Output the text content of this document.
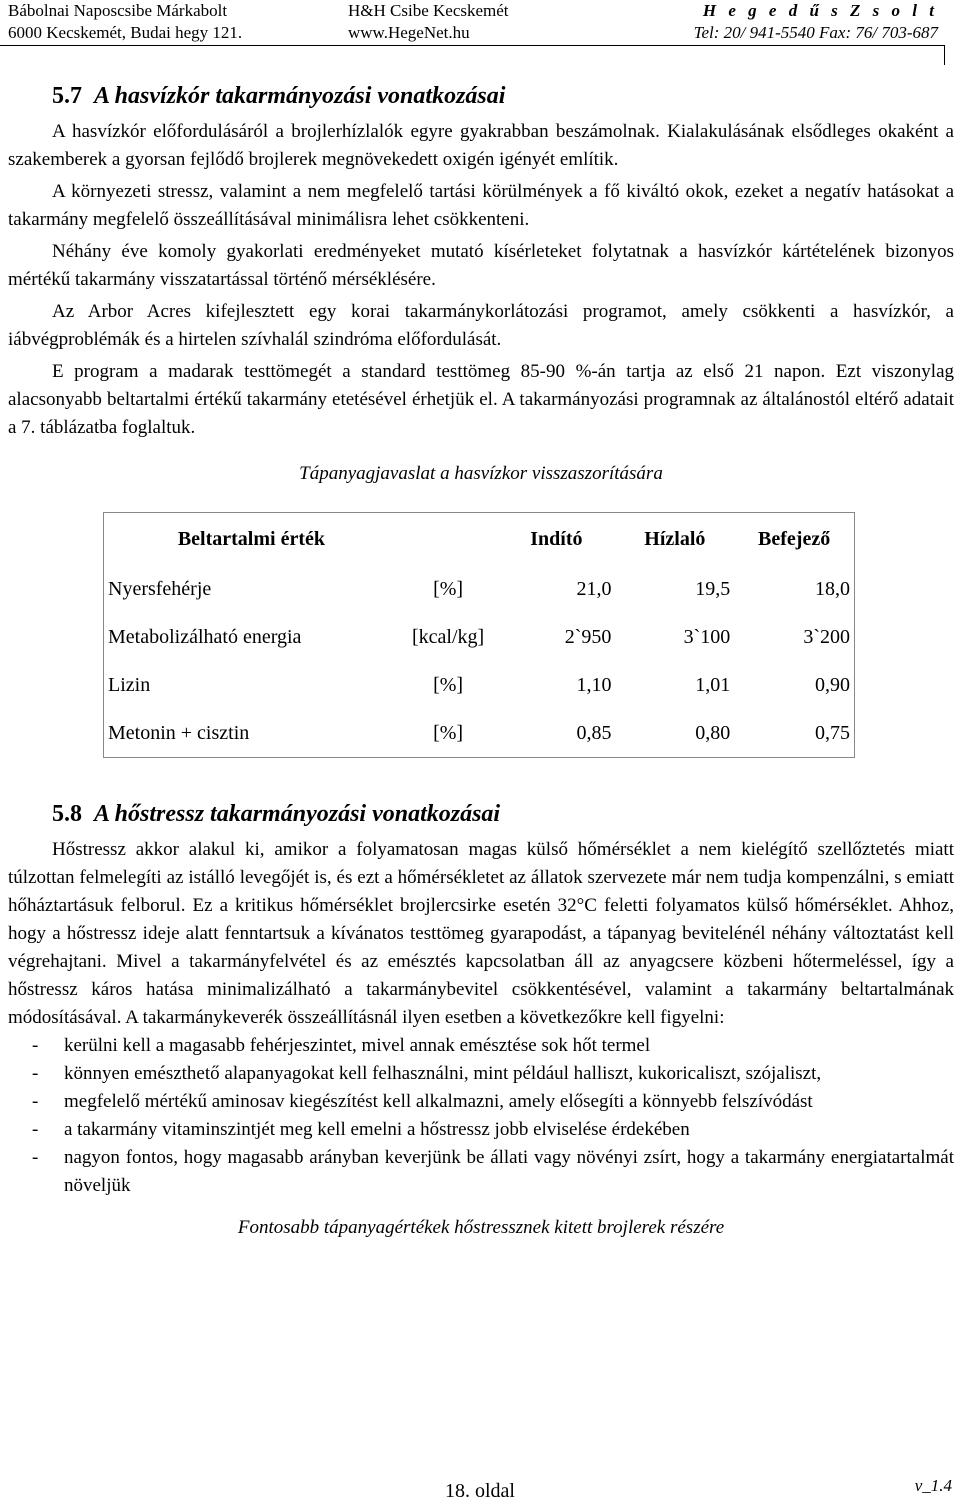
Bábolnai Naposcsibe Márkabolt
6000 Kecskemét, Budai hegy 121.
H&H Csibe Kecskemét
www.HegeNet.hu
H e g e d ű s Z s o l t
Tel: 20/ 941-5540 Fax: 76/ 703-687
5.7 A hasvízkór takarmányozási vonatkozásai

A hasvízkór előfordulásáról a brojlerhízlalók egyre gyakrabban beszámolnak. Kialakulásának elsődleges okaként a szakemberek a gyorsan fejlődő brojlerek megnövekedett oxigén igényét említik.

A környezeti stressz, valamint a nem megfelelő tartási körülmények a fő kiváltó okok, ezeket a negatív hatásokat a takarmány megfelelő összeállításával minimálisra lehet csökkenteni.

Néhány éve komoly gyakorlati eredményeket mutató kísérleteket folytatnak a hasvízkór kártételének bizonyos mértékű takarmány visszatartással történő mérséklésére.

Az Arbor Acres kifejlesztett egy korai takarmánykorlátozási programot, amely csökkenti a hasvízkór, a iábvégproblémák és a hirtelen szívhalál szindróma előfordulását.

E program a madarak testtömegét a standard testtömeg 85-90 %-án tartja az első 21 napon. Ezt viszonylag alacsonyabb beltartalmi értékű takarmány etetésével érhetjük el. A takarmányozási programnak az általánostól eltérő adatait a 7. táblázatba foglaltuk.

Tápanyagjavaslat a hasvízkor visszaszorítására
Beltartalmi érték		Indító	Hízlaló	Befejező
Nyersfehérje	[%]	21,0	19,5	18,0
Metabolizálható energia	[kcal/kg]	2`950	3`100	3`200
Lizin	[%]	1,10	1,01	0,90
Metonin + cisztin	[%]	0,85	0,80	0,75
5.8 A hőstressz takarmányozási vonatkozásai

Hőstressz akkor alakul ki, amikor a folyamatosan magas külső hőmérséklet a nem kielégítő szellőztetés miatt túlzottan felmelegíti az istálló levegőjét is, és ezt a hőmérsékletet az állatok szervezete már nem tudja kompenzálni, s emiatt hőháztartásuk felborul. Ez a kritikus hőmérséklet brojlercsirke esetén 32°C feletti folyamatos külső hőmérséklet. Ahhoz, hogy a hőstressz ideje alatt fenntartsuk a kívánatos testtömeg gyarapodást, a tápanyag bevitelénél néhány változtatást kell végrehajtani. Mivel a takarmányfelvétel és az emésztés kapcsolatban áll az anyagcsere közbeni hőtermeléssel, így a hőstressz káros hatása minimalizálható a takarmánybevitel csökkentésével, valamint a takarmány beltartalmának módosításával. A takarmánykeverék összeállításnál ilyen esetben a következőkre kell figyelni:

- kerülni kell a magasabb fehérjeszintet, mivel annak emésztése sok hőt termel
- könnyen emészthető alapanyagokat kell felhasználni, mint például halliszt, kukoricaliszt, szójaliszt,
- megfelelő mértékű aminosav kiegészítést kell alkalmazni, amely elősegíti a könnyebb felszívódást
- a takarmány vitaminszintjét meg kell emelni a hőstressz jobb elviselése érdekében
- nagyon fontos, hogy magasabb arányban keverjünk be állati vagy növényi zsírt, hogy a takarmány energiatartalmát növeljük
Fontosabb tápanyagértékek hőstressznek kitett brojlerek részére
18. oldal	v_1.4
